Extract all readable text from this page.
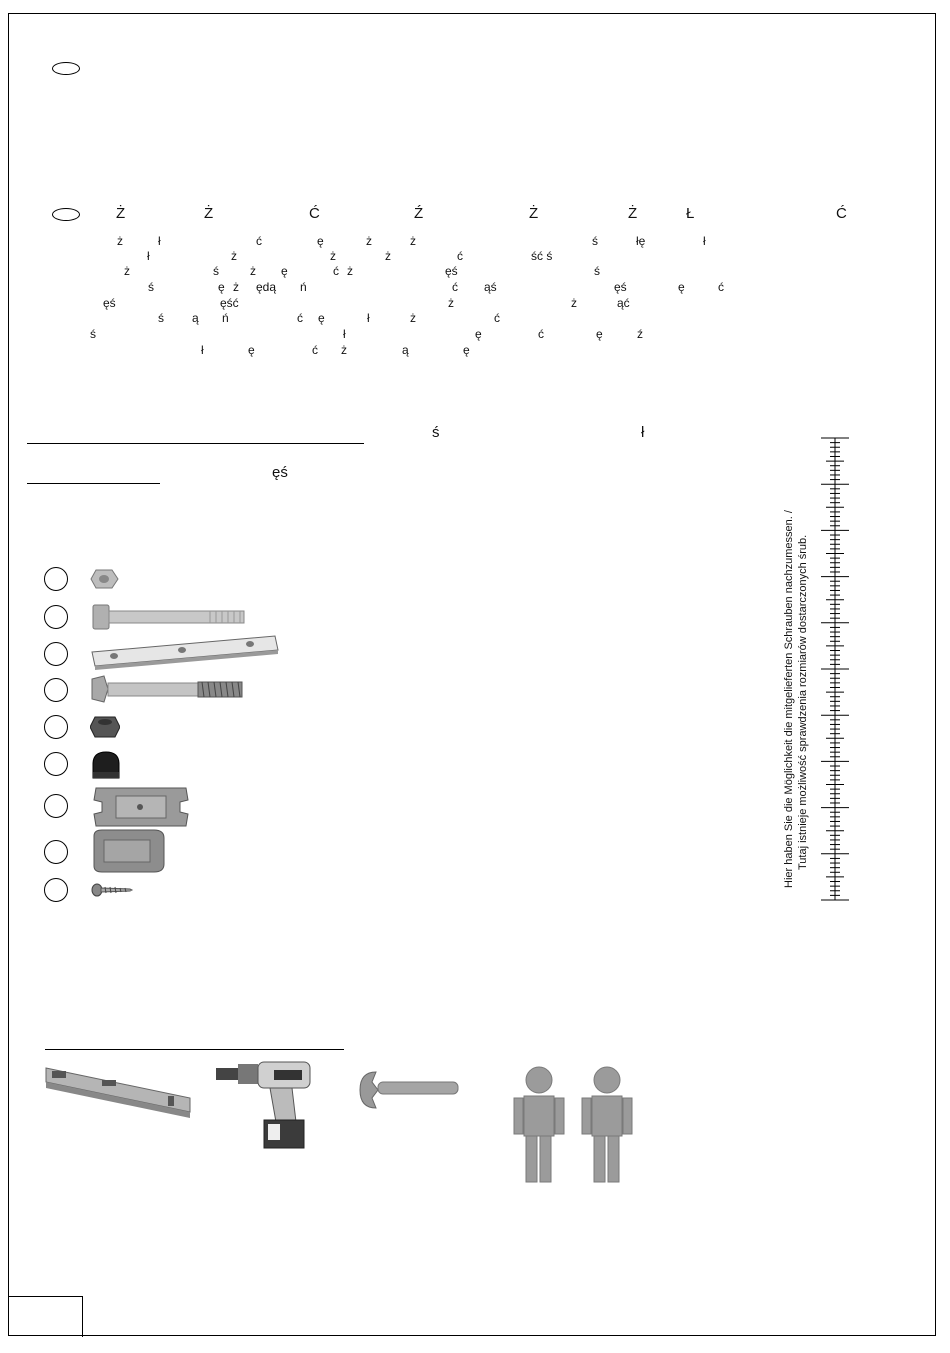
Ż	Ż	Ć	Ź	Ż	Ż	Ł	Ć
ż	ł	ć	ę	ż	ż	ś	łę	ł
ł	ż	ż	ż	ć	ść ś
ż	ś	ż ę	ć ż	ęś	ś
ś	ę ż ędą ń	ć ąś	ęś	ę	ć
ęś	ęść	ż	ż	ąć
ś ą ń	ć ę	ł	ż	ć
ś	ł	ę	ć	ę	ź
ł	ę	ć ż	ą	ę
ś	ł
ęś
Hier haben Sie die Möglichkeit die mitgelieferten Schrauben nachzumessen. / Tutaj istnieje możliwość sprawdzenia rozmiarów dostarczonych śrub.
